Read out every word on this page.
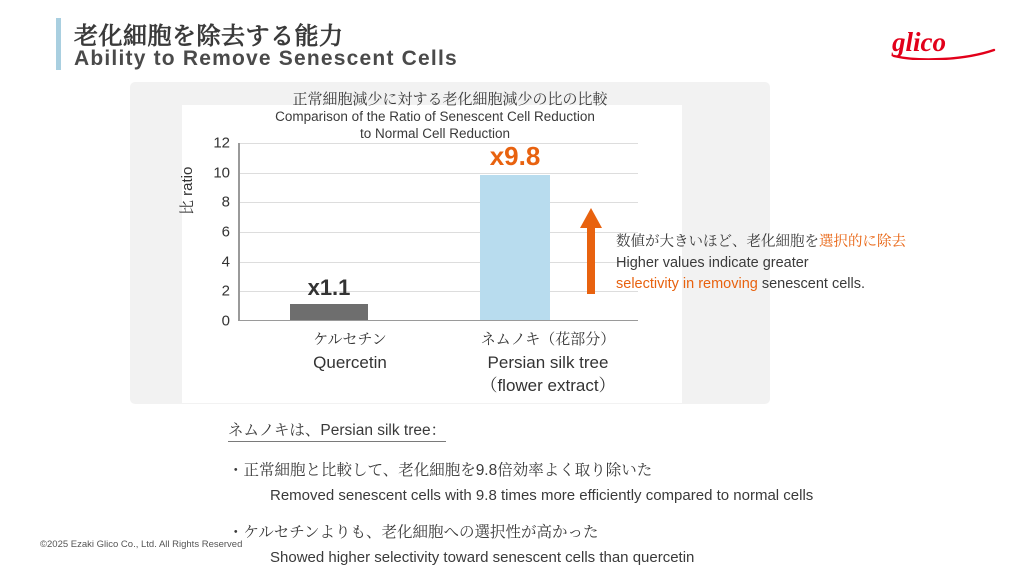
老化細胞を除去する能力
Ability to Remove Senescent Cells
glico
正常細胞減少に対する老化細胞減少の比の比較
Comparison of the Ratio of Senescent Cell Reduction
to Normal Cell Reduction
比 ratio
12
10
8
6
4
2
0
x1.1
x9.8
ケルセチン
Quercetin
ネムノキ（花部分）
Persian silk tree
（flower extract）
数値が大きいほど、老化細胞を選択的に除去
Higher values indicate greater
selectivity in removing senescent cells.
ネムノキは、Persian silk tree：
・正常細胞と比較して、老化細胞を9.8倍効率よく取り除いた
Removed senescent cells with 9.8 times more efficiently compared to normal cells
・ケルセチンよりも、老化細胞への選択性が高かった
Showed higher selectivity toward senescent cells than quercetin
©2025 Ezaki Glico Co., Ltd. All Rights Reserved
